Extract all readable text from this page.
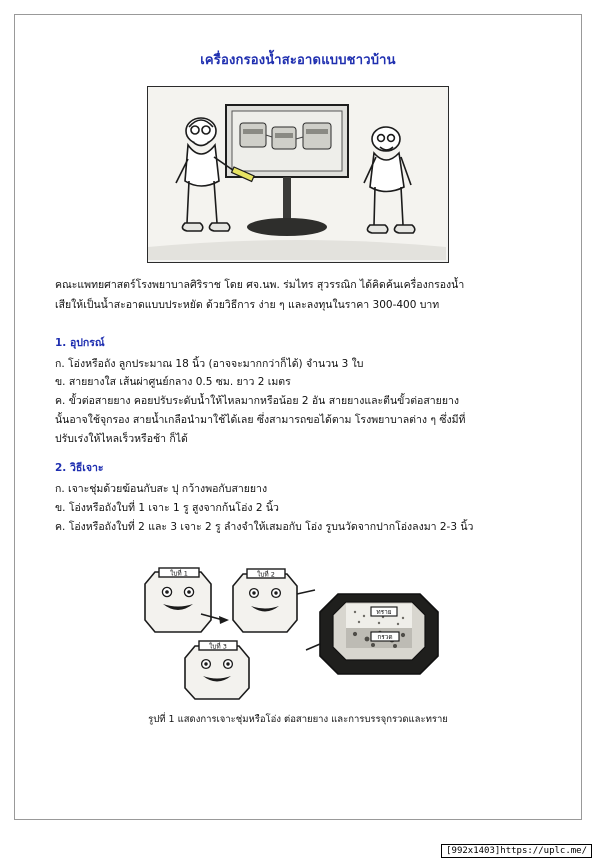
เครื่องกรองน้ำสะอาดแบบชาวบ้าน

คณะแพทยศาสตร์โรงพยาบาลศิริราช โดย ศจ.นพ. ร่มไทร สุวรรณิก ได้คิดค้นเครื่องกรองน้ำ

เสียให้เป็นน้ำสะอาดแบบประหยัด ด้วยวิธีการ ง่าย ๆ และลงทุนในราคา 300-400 บาท

1. อุปกรณ์

ก. โอ่งหรือถัง ลูกประมาณ 18 นิ้ว (อาจจะมากกว่าก็ได้) จำนวน 3 ใบ

ข. สายยางใส เส้นผ่าศูนย์กลาง 0.5 ซม. ยาว 2 เมตร

ค. ขั้วต่อสายยาง คอยปรับระดับน้ำให้ไหลมากหรือน้อย 2 อัน สายยางและตีนขั้วต่อสายยาง

นั้นอาจใช้จุกรอง สายน้ำเกลือนำมาใช้ได้เลย ซึ่งสามารถขอได้ตาม โรงพยาบาลต่าง ๆ ซึ่งมีที่

ปรับเร่งให้ไหลเร็วหรือช้า ก็ได้

2. วิธีเจาะ

ก. เจาะชุ่มด้วยฆ้อนกับสะ ปุ กว้างพอกับสายยาง

ข. โอ่งหรือถังใบที่ 1 เจาะ 1 รู สูงจากก้นโอ่ง 2 นิ้ว

ค. โอ่งหรือถังใบที่ 2 และ 3 เจาะ 2 รู ลำงจำให้เสมอกับ โอ่ง รูบนวัดจากปากโอ่งลงมา 2-3 นิ้ว

ใบที่ 1	ใบที่ 2
ใบที่ 3
ทราย
กรวด

รูปที่ 1 แสดงการเจาะชุ่มหรือโอ่ง ต่อสายยาง และการบรรจุกรวดและทราย

[992x1403]https://uplc.me/
